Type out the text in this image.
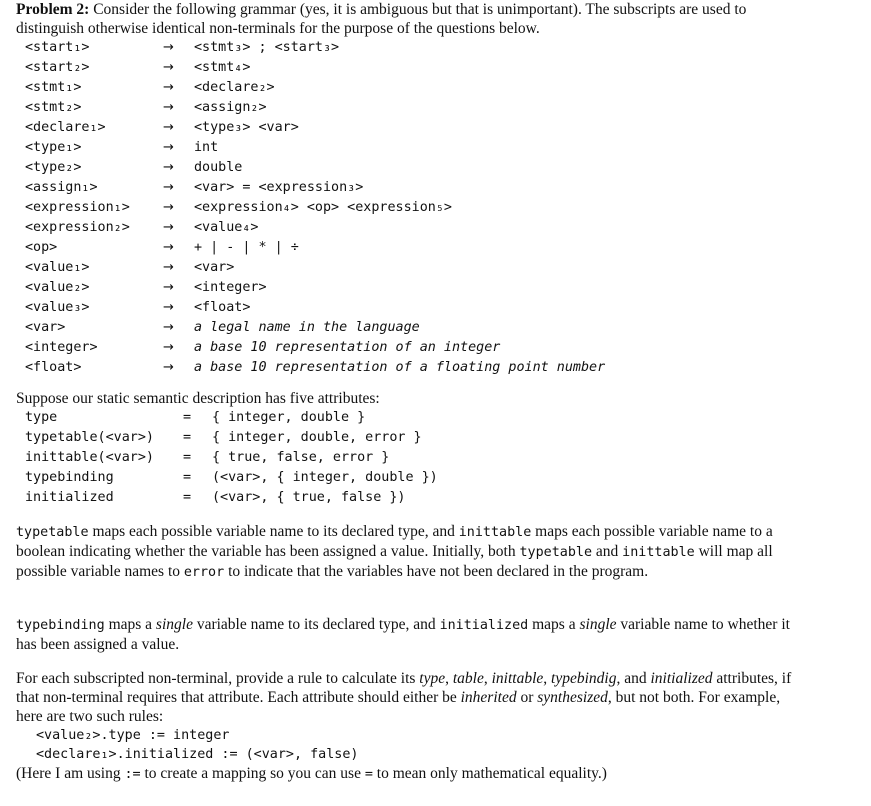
Problem 2: Consider the following grammar (yes, it is ambiguous but that is unimportant). The subscripts are used to distinguish otherwise identical non-terminals for the purpose of the questions below.

<start₁>	→ <stmt₃> ; <start₃>
<start₂>	→ <stmt₄>
<stmt₁>	→ <declare₂>
<stmt₂>	→ <assign₂>
<declare₁>	→ <type₃> <var>
<type₁>	→ int
<type₂>	→ double
<assign₁>	→ <var> = <expression₃>
<expression₁>	→ <expression₄> <op> <expression₅>
<expression₂>	→ <value₄>
<op>	→ + | - | * | ÷
<value₁>	→ <var>
<value₂>	→ <integer>
<value₃>	→ <float>
<var>	→ a legal name in the language
<integer>	→ a base 10 representation of an integer
<float>	→ a base 10 representation of a floating point number
Suppose our static semantic description has five attributes:
type	= { integer, double }
typetable(<var>) = { integer, double, error }
inittable(<var>) = { true, false, error }
typebinding	= (<var>, { integer, double })
initialized	= (<var>, { true, false })

typetable maps each possible variable name to its declared type, and inittable maps each possible variable name to a boolean indicating whether the variable has been assigned a value. Initially, both typetable and inittable will map all possible variable names to error to indicate that the variables have not been declared in the program.

typebinding maps a single variable name to its declared type, and initialized maps a single variable name to whether it has been assigned a value.

For each subscripted non-terminal, provide a rule to calculate its type, table, inittable, typebindig, and initialized attributes, if that non-terminal requires that attribute. Each attribute should either be inherited or synthesized, but not both. For example, here are two such rules:
<value₂>.type := integer
<declare₁>.initialized := (<var>, false)
(Here I am using := to create a mapping so you can use = to mean only mathematical equality.)
